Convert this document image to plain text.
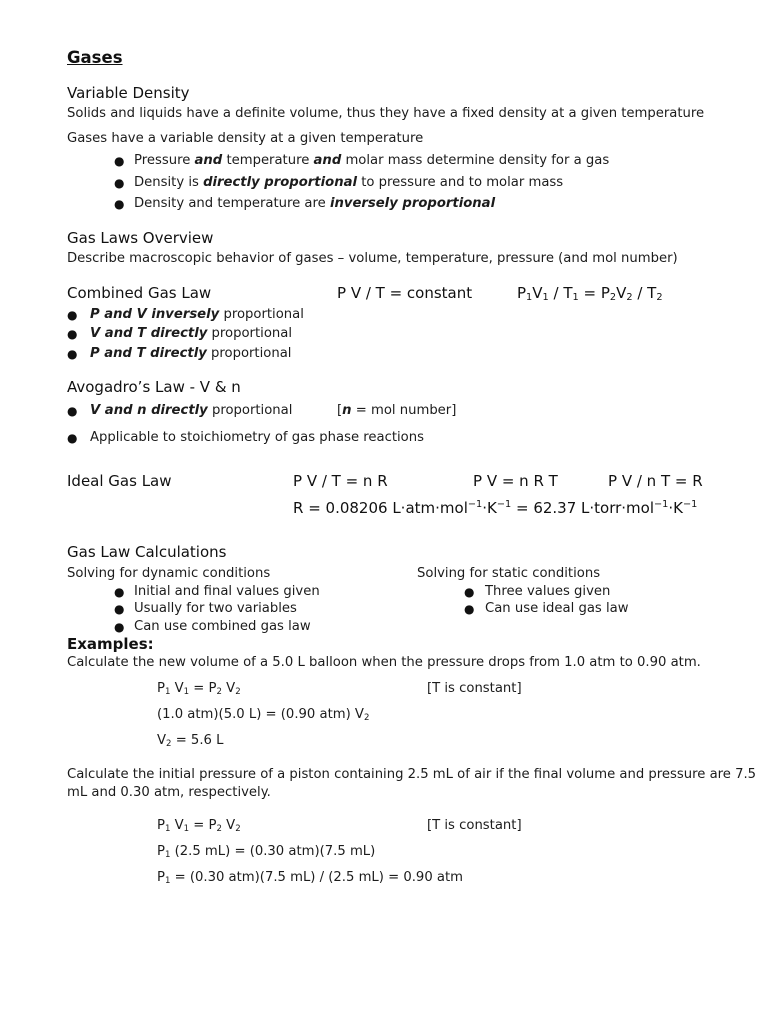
Gases
Variable Density
Solids and liquids have a definite volume, thus they have a fixed density at a given temperature
Gases have a variable density at a given temperature
● Pressure and temperature and molar mass determine density for a gas
● Density is directly proportional to pressure and to molar mass
● Density and temperature are inversely proportional
Gas Laws Overview
Describe macroscopic behavior of gases – volume, temperature, pressure (and mol number)
Combined Gas Law	P V / T = constant	$P_1V_1 / T_1 = P_2V_2 / T_2$
● P and V inversely proportional
● V and T directly proportional
● P and T directly proportional
Avogadro’s Law - V & n
● V and n directly proportional	[n = mol number]
● Applicable to stoichiometry of gas phase reactions
Ideal Gas Law	P V / T = n R	P V = n R T	P V / n T = R
R = 0.08206 $L\cdot atm\cdot mol^{-1}\cdot K^{-1} = 62.37$ $L\cdot torr\cdot mol^{-1}\cdot K^{-1}$
Gas Law Calculations
Solving for dynamic conditions
● Initial and final values given
● Usually for two variables
● Can use combined gas law
Solving for static conditions
● Three values given
● Can use ideal gas law
Examples:
Calculate the new volume of a 5.0 L balloon when the pressure drops from 1.0 atm to 0.90 atm.
$P_1$ $V_1 = P_2$ $V_2$	[T is constant]
(1.0 atm)(5.0 L) = (0.90 atm) $V_2$
$V_2 = 5.6$ L
Calculate the initial pressure of a piston containing 2.5 mL of air if the final volume and pressure are 7.5
mL and 0.30 atm, respectively.
$P_1$ $V_1 = P_2$ $V_2$	[T is constant]
$P_1$ (2.5 mL) = (0.30 atm)(7.5 mL)
$P_1 = (0.30$ atm)(7.5 mL) / (2.5 mL) = 0.90 atm
